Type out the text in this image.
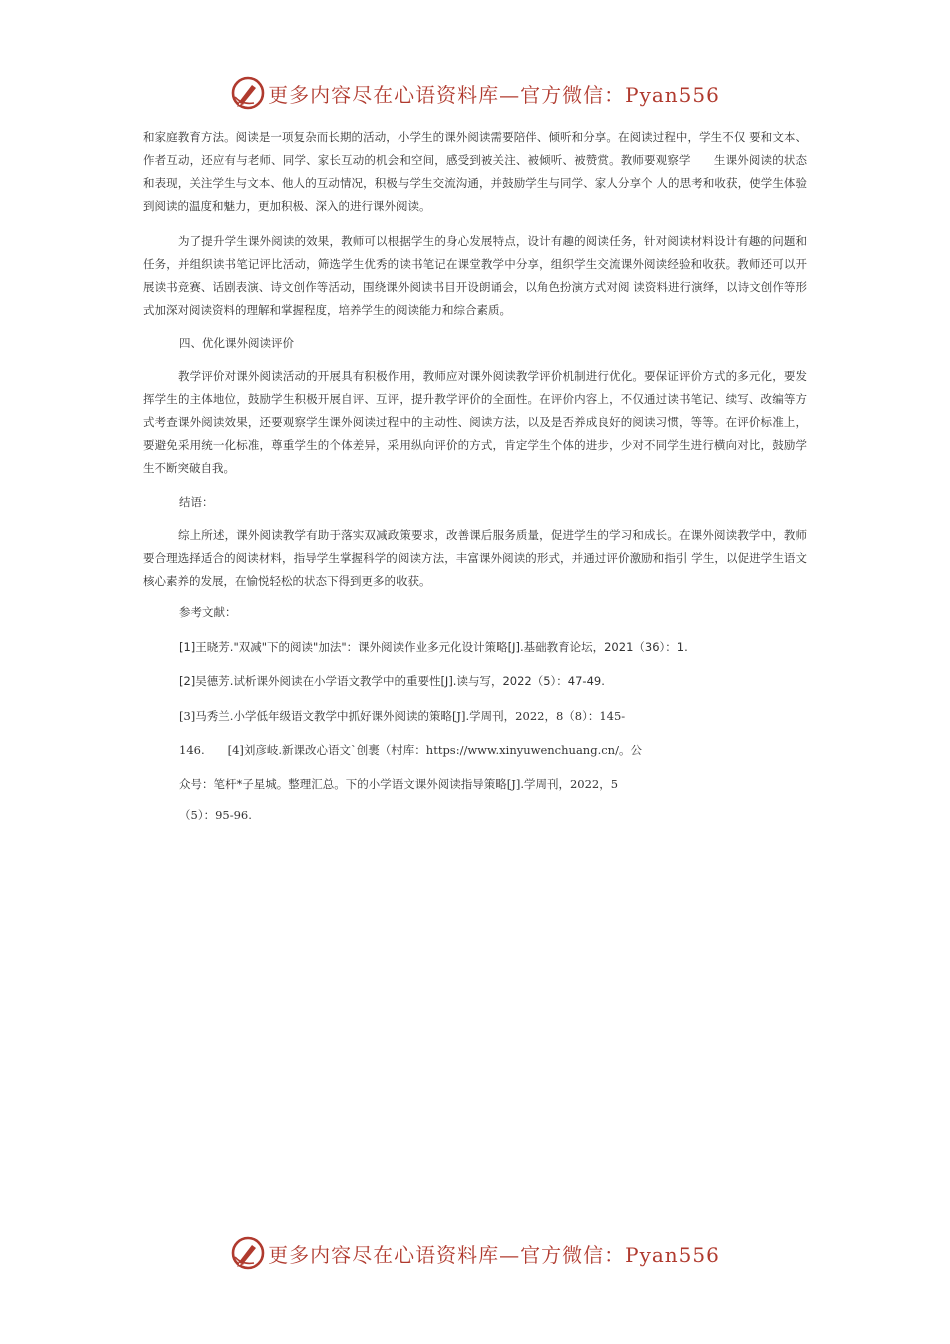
更多内容尽在心语资料库—官方微信：Pyan556

和家庭教育方法。阅读是一项复杂而长期的活动，小学生的课外阅读需要陪伴、倾听和分享。在阅读过程中，学生不仅 要和文本、作者互动，还应有与老师、同学、家长互动的机会和空间，感受到被关注、被倾听、被赞赏。教师要观察学　　生课外阅读的状态和表现，关注学生与文本、他人的互动情况，积极与学生交流沟通，并鼓励学生与同学、家人分享个 人的思考和收获，使学生体验到阅读的温度和魅力，更加积极、深入的进行课外阅读。

为了提升学生课外阅读的效果，教师可以根据学生的身心发展特点，设计有趣的阅读任务，针对阅读材料设计有趣的问题和任务，并组织读书笔记评比活动，筛选学生优秀的读书笔记在课堂教学中分享，组织学生交流课外阅读经验和收获。教师还可以开展读书竞赛、话剧表演、诗文创作等活动，围绕课外阅读书目开设朗诵会，以角色扮演方式对阅 读资料进行演绎，以诗文创作等形式加深对阅读资料的理解和掌握程度，培养学生的阅读能力和综合素质。

四、优化课外阅读评价

教学评价对课外阅读活动的开展具有积极作用，教师应对课外阅读教学评价机制进行优化。要保证评价方式的多元化，要发挥学生的主体地位，鼓励学生积极开展自评、互评，提升教学评价的全面性。在评价内容上，不仅通过读书笔记、续写、改编等方式考查课外阅读效果，还要观察学生课外阅读过程中的主动性、阅读方法，以及是否养成良好的阅读习惯，等等。在评价标准上，要避免采用统一化标准，尊重学生的个体差异，采用纵向评价的方式，肯定学生个体的进步，少对不同学生进行横向对比，鼓励学生不断突破自我。

结语：

综上所述，课外阅读教学有助于落实双减政策要求，改善课后服务质量，促进学生的学习和成长。在课外阅读教学中，教师要合理选择适合的阅读材料，指导学生掌握科学的阅读方法，丰富课外阅读的形式，并通过评价激励和指引 学生，以促进学生语文核心素养的发展，在愉悦轻松的状态下得到更多的收获。

参考文献：

[1]王晓芳."双减"下的阅读"加法"：课外阅读作业多元化设计策略[J].基础教育论坛，2021（36）：1.

[2]吴德芳.试析课外阅读在小学语文教学中的重要性[J].读与写，2022（5）：47-49.

[3]马秀兰.小学低年级语文教学中抓好课外阅读的策略[J].学周刊，2022，8（8）：145-

146.　　[4]刘彦岐.新课改心语文`创裹（村库：https://www.xinyuwenchuang.cn/。公

众号：笔杆*子星城。整理汇总。下的小学语文课外阅读指导策略[J].学周刊，2022，5

（5）：95-96.

更多内容尽在心语资料库—官方微信：Pyan556
